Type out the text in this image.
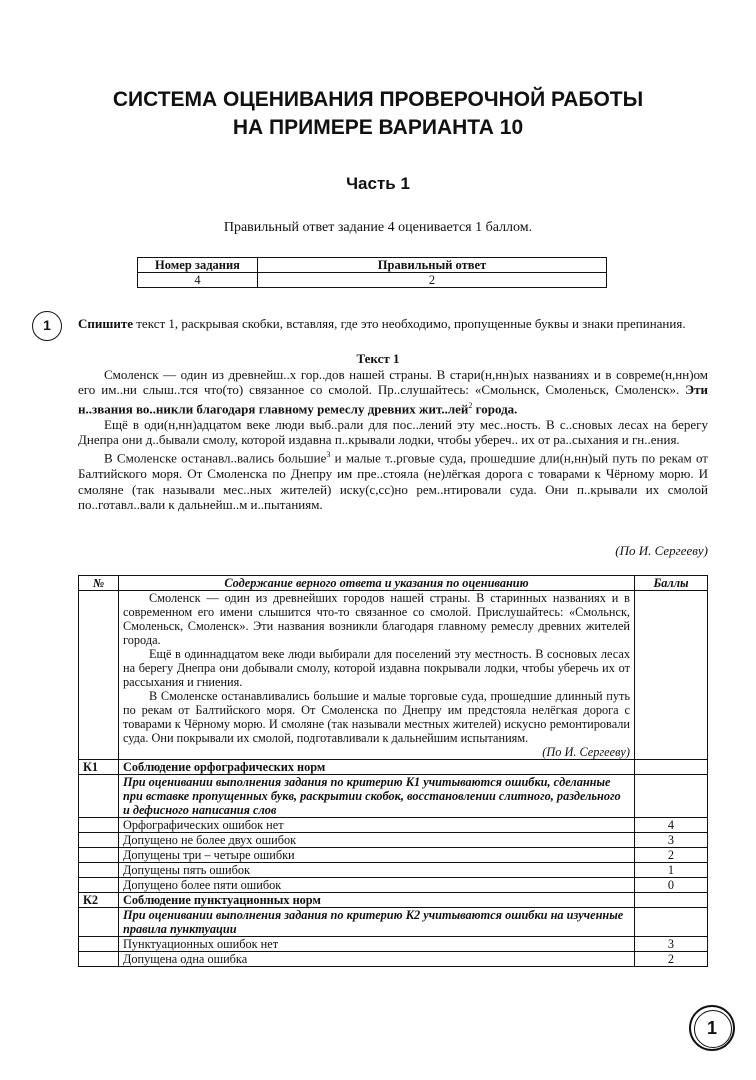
СИСТЕМА ОЦЕНИВАНИЯ ПРОВЕРОЧНОЙ РАБОТЫ
НА ПРИМЕРЕ ВАРИАНТА 10
Часть 1
Правильный ответ задание 4 оценивается 1 баллом.
Номер задания	Правильный ответ
4	2
1	Спишите текст 1, раскрывая скобки, вставляя, где это необходимо, пропущенные буквы и знаки препинания.
Текст 1

Смоленск — один из древнейш..х гор..дов нашей страны. В стари(н,нн)ых названиях и в совреме(н,нн)ом его им..ни слыш..тся что(то) связанное со смолой. Пр..слушайтесь: «Смольнск, Смоленьск, Смоленск». Эти н..звания во..никли благодаря главному ремеслу древних жит..лей$^2$ города.

Ещё в оди(н,нн)адцатом веке люди выб..рали для пос..лений эту мес..ность. В с..сновых лесах на берегу Днепра они д..бывали смолу, которой издавна п..крывали лодки, чтобы убереч.. их от ра..сыхания и гн..ения.

В Смоленске останавл..вались большие$^3$ и малые т..рговые суда, прошедшие дли(н,нн)ый путь по рекам от Балтийского моря. От Смоленска по Днепру им пре..стояла (не)лёгкая дорога с товарами к Чёрному морю. И смоляне (так называли мес..ных жителей) иску(с,сс)но рем..нтировали суда. Они п..крывали их смолой по..готавл..вали к дальнейш..м и..пытаниям.

(По И. Сергееву)
№	Содержание верного ответа и указания по оцениванию	Баллы

	Смоленск — один из древнейших городов нашей страны. В старинных названиях и в современном его имени слышится что-то связанное со смолой. Прислушайтесь: «Смольнск, Смоленьск, Смоленск». Эти названия возникли благодаря главному ремеслу древних жителей города.

Ещё в одиннадцатом веке люди выбирали для поселений эту местность. В сосновых лесах на берегу Днепра они добывали смолу, которой издавна покрывали лодки, чтобы уберечь их от рассыхания и гниения.

В Смоленске останавливались большие и малые торговые суда, прошедшие длинный путь по рекам от Балтийского моря. От Смоленска по Днепру им предстояла нелёгкая дорога с товарами к Чёрному морю. И смоляне (так называли местных жителей) искусно ремонтировали суда. Они покрывали их смолой, подготавливали к дальнейшим испытаниям.

(По И. Сергееву)	

К1	Соблюдение орфографических норм	
	При оценивании выполнения задания по критерию К1 учитываются ошибки, сделанные при вставке пропущенных букв, раскрытии скобок, восстановлении слитного, раздельного и дефисного написания слов	
	Орфографических ошибок нет	4
	Допущено не более двух ошибок	3
	Допущены три – четыре ошибки	2
	Допущены пять ошибок	1
	Допущено более пяти ошибок	0
К2	Соблюдение пунктуационных норм	
	При оценивании выполнения задания по критерию К2 учитываются ошибки на изученные правила пунктуации	
	Пунктуационных ошибок нет	3
	Допущена одна ошибка	2
1
